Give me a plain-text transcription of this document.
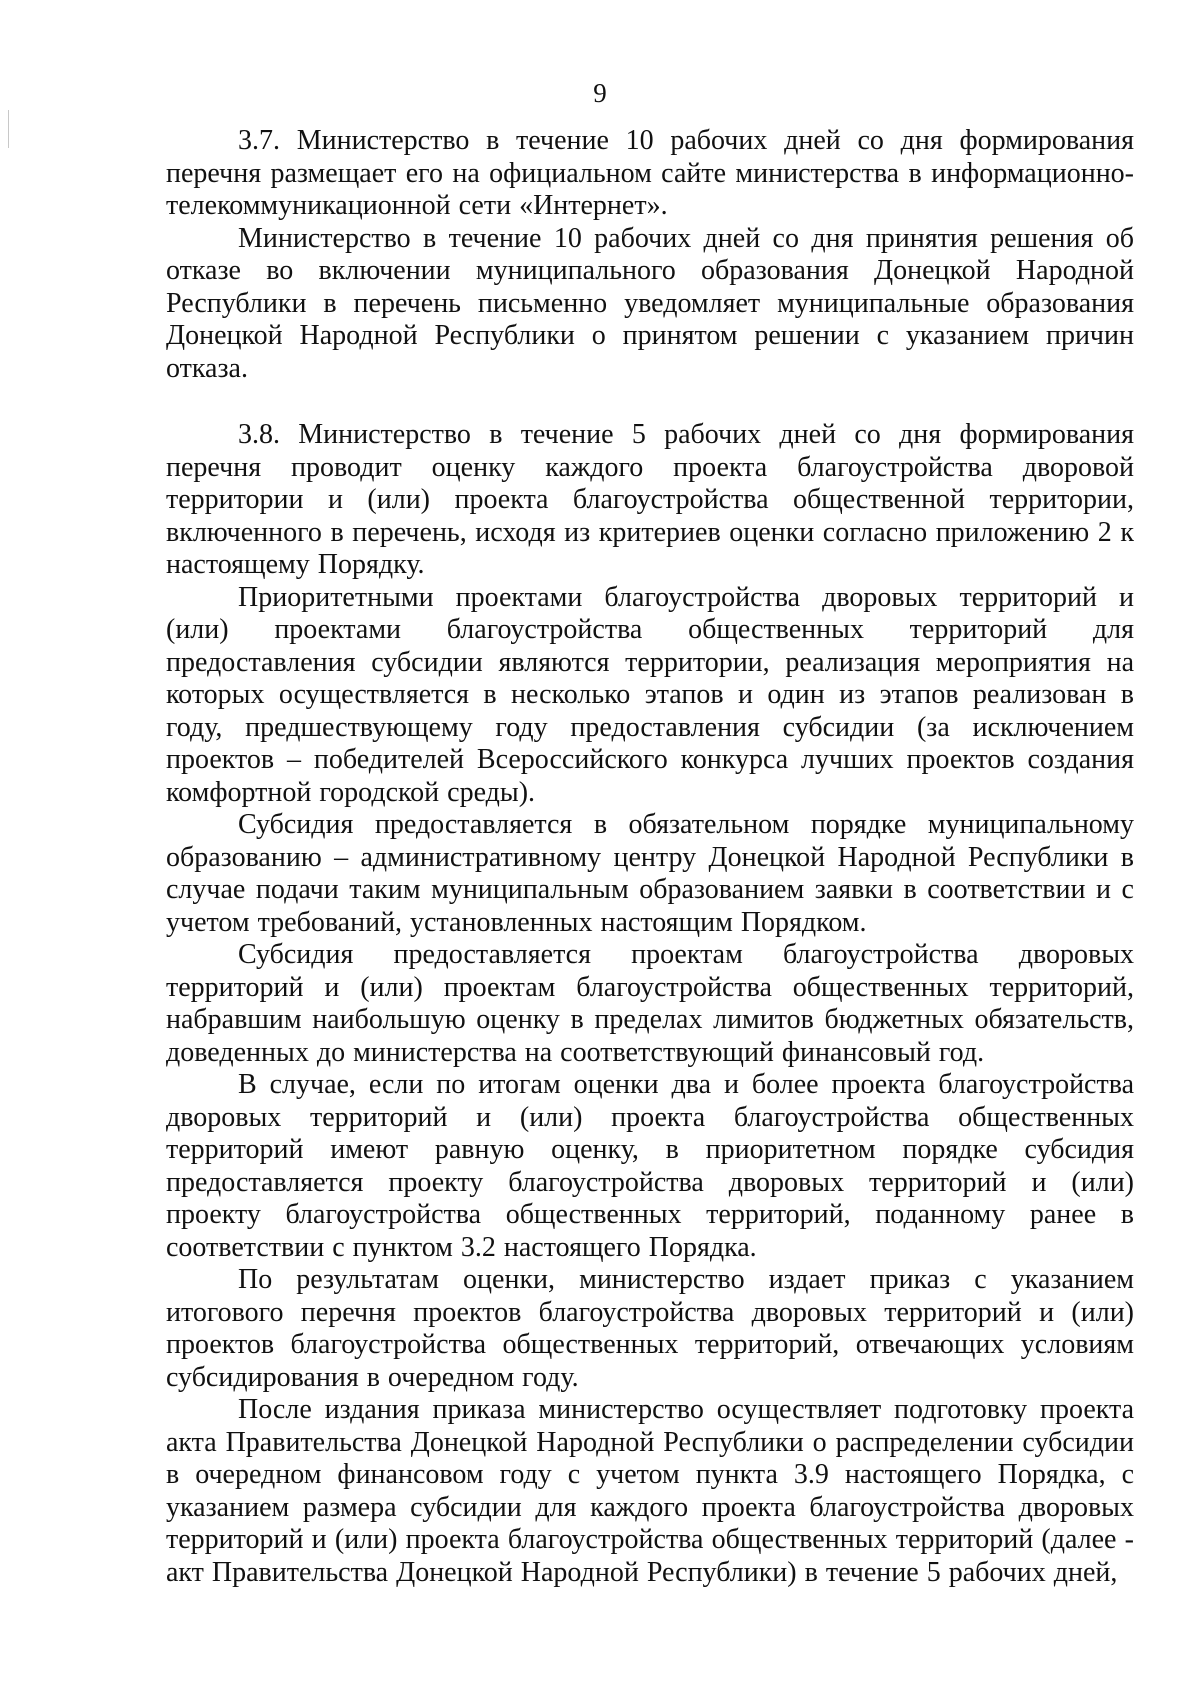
9

3.7. Министерство в течение 10 рабочих дней со дня формирования перечня размещает его на официальном сайте министерства в информационно-телекоммуникационной сети «Интернет».

Министерство в течение 10 рабочих дней со дня принятия решения об отказе во включении муниципального образования Донецкой Народной Республики в перечень письменно уведомляет муниципальные образования Донецкой Народной Республики о принятом решении с указанием причин отказа.

3.8. Министерство в течение 5 рабочих дней со дня формирования перечня проводит оценку каждого проекта благоустройства дворовой территории и (или) проекта благоустройства общественной территории, включенного в перечень, исходя из критериев оценки согласно приложению 2 к настоящему Порядку.

Приоритетными проектами благоустройства дворовых территорий и (или) проектами благоустройства общественных территорий для предоставления субсидии являются территории, реализация мероприятия на которых осуществляется в несколько этапов и один из этапов реализован в году, предшествующему году предоставления субсидии (за исключением проектов – победителей Всероссийского конкурса лучших проектов создания комфортной городской среды).

Субсидия предоставляется в обязательном порядке муниципальному образованию – административному центру Донецкой Народной Республики в случае подачи таким муниципальным образованием заявки в соответствии и с учетом требований, установленных настоящим Порядком.

Субсидия предоставляется проектам благоустройства дворовых территорий и (или) проектам благоустройства общественных территорий, набравшим наибольшую оценку в пределах лимитов бюджетных обязательств, доведенных до министерства на соответствующий финансовый год.

В случае, если по итогам оценки два и более проекта благоустройства дворовых территорий и (или) проекта благоустройства общественных территорий имеют равную оценку, в приоритетном порядке субсидия предоставляется проекту благоустройства дворовых территорий и (или) проекту благоустройства общественных территорий, поданному ранее в соответствии с пунктом 3.2 настоящего Порядка.

По результатам оценки, министерство издает приказ с указанием итогового перечня проектов благоустройства дворовых территорий и (или) проектов благоустройства общественных территорий, отвечающих условиям субсидирования в очередном году.

После издания приказа министерство осуществляет подготовку проекта акта Правительства Донецкой Народной Республики о распределении субсидии в очередном финансовом году с учетом пункта 3.9 настоящего Порядка, с указанием размера субсидии для каждого проекта благоустройства дворовых территорий и (или) проекта благоустройства общественных территорий (далее - акт Правительства Донецкой Народной Республики) в течение 5 рабочих дней,
